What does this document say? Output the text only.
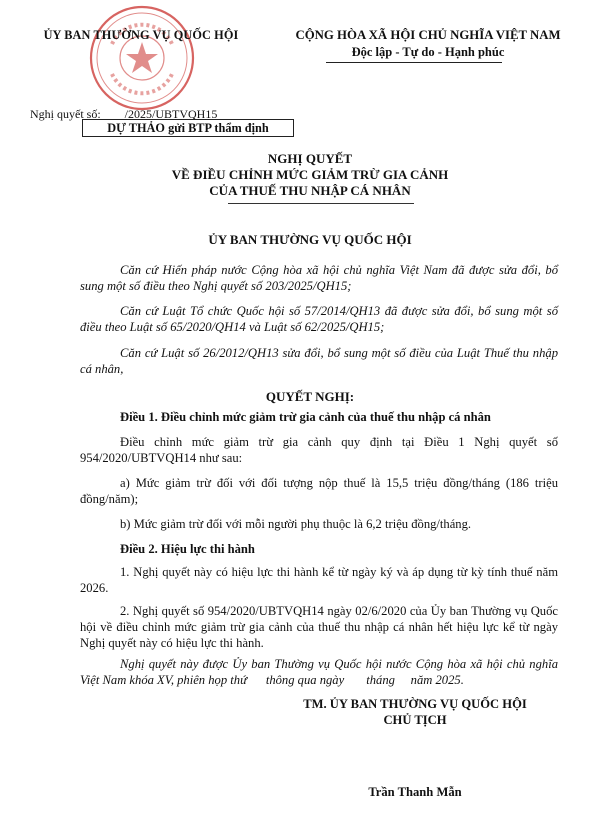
ỦY BAN THƯỜNG VỤ QUỐC HỘI	CỘNG HÒA XÃ HỘI CHỦ NGHĨA VIỆT NAM
Độc lập - Tự do - Hạnh phúc
Nghị quyết số:        /2025/UBTVQH15
DỰ THẢO gửi BTP thẩm định
NGHỊ QUYẾT
VỀ ĐIỀU CHỈNH MỨC GIẢM TRỪ GIA CẢNH
CỦA THUẾ THU NHẬP CÁ NHÂN
ỦY BAN THƯỜNG VỤ QUỐC HỘI
Căn cứ Hiến pháp nước Cộng hòa xã hội chủ nghĩa Việt Nam đã được sửa đổi, bổ sung một số điều theo Nghị quyết số 203/2025/QH15;
Căn cứ Luật Tổ chức Quốc hội số 57/2014/QH13 đã được sửa đổi, bổ sung một số điều theo Luật số 65/2020/QH14 và Luật số 62/2025/QH15;
Căn cứ Luật số 26/2012/QH13 sửa đổi, bổ sung một số điều của Luật Thuế thu nhập cá nhân,
QUYẾT NGHỊ:
Điều 1. Điều chỉnh mức giảm trừ gia cảnh của thuế thu nhập cá nhân
Điều chỉnh mức giảm trừ gia cảnh quy định tại Điều 1 Nghị quyết số 954/2020/UBTVQH14 như sau:
a) Mức giảm trừ đối với đối tượng nộp thuế là 15,5 triệu đồng/tháng (186 triệu đồng/năm);
b) Mức giảm trừ đối với mỗi người phụ thuộc là 6,2 triệu đồng/tháng.
Điều 2. Hiệu lực thi hành
1. Nghị quyết này có hiệu lực thi hành kể từ ngày ký và áp dụng từ kỳ tính thuế năm 2026.
2. Nghị quyết số 954/2020/UBTVQH14 ngày 02/6/2020 của Ủy ban Thường vụ Quốc hội về điều chỉnh mức giảm trừ gia cảnh của thuế thu nhập cá nhân hết hiệu lực kể từ ngày Nghị quyết này có hiệu lực thi hành.
Nghị quyết này được Ủy ban Thường vụ Quốc hội nước Cộng hòa xã hội chủ nghĩa Việt Nam khóa XV, phiên họp thứ      thông qua ngày       tháng     năm 2025.
TM. ỦY BAN THƯỜNG VỤ QUỐC HỘI
CHỦ TỊCH
Trần Thanh Mẫn
